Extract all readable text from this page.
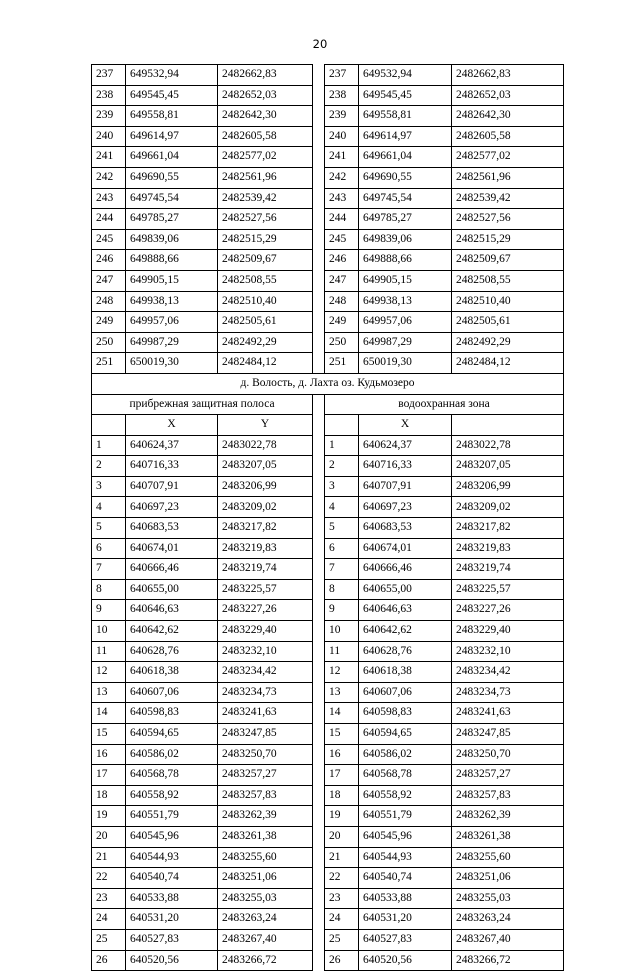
20
237	649532,94	2482662,83		237	649532,94	2482662,83
238	649545,45	2482652,03		238	649545,45	2482652,03
239	649558,81	2482642,30		239	649558,81	2482642,30
240	649614,97	2482605,58		240	649614,97	2482605,58
241	649661,04	2482577,02		241	649661,04	2482577,02
242	649690,55	2482561,96		242	649690,55	2482561,96
243	649745,54	2482539,42		243	649745,54	2482539,42
244	649785,27	2482527,56		244	649785,27	2482527,56
245	649839,06	2482515,29		245	649839,06	2482515,29
246	649888,66	2482509,67		246	649888,66	2482509,67
247	649905,15	2482508,55		247	649905,15	2482508,55
248	649938,13	2482510,40		248	649938,13	2482510,40
249	649957,06	2482505,61		249	649957,06	2482505,61
250	649987,29	2482492,29		250	649987,29	2482492,29
251	650019,30	2482484,12		251	650019,30	2482484,12
д. Волость, д. Лахта оз. Кудьмозеро						
прибрежная защитная полоса				водоохранная зона		
	X	Y			X	
1	640624,37	2483022,78		1	640624,37	2483022,78
2	640716,33	2483207,05		2	640716,33	2483207,05
3	640707,91	2483206,99		3	640707,91	2483206,99
4	640697,23	2483209,02		4	640697,23	2483209,02
5	640683,53	2483217,82		5	640683,53	2483217,82
6	640674,01	2483219,83		6	640674,01	2483219,83
7	640666,46	2483219,74		7	640666,46	2483219,74
8	640655,00	2483225,57		8	640655,00	2483225,57
9	640646,63	2483227,26		9	640646,63	2483227,26
10	640642,62	2483229,40		10	640642,62	2483229,40
11	640628,76	2483232,10		11	640628,76	2483232,10
12	640618,38	2483234,42		12	640618,38	2483234,42
13	640607,06	2483234,73		13	640607,06	2483234,73
14	640598,83	2483241,63		14	640598,83	2483241,63
15	640594,65	2483247,85		15	640594,65	2483247,85
16	640586,02	2483250,70		16	640586,02	2483250,70
17	640568,78	2483257,27		17	640568,78	2483257,27
18	640558,92	2483257,83		18	640558,92	2483257,83
19	640551,79	2483262,39		19	640551,79	2483262,39
20	640545,96	2483261,38		20	640545,96	2483261,38
21	640544,93	2483255,60		21	640544,93	2483255,60
22	640540,74	2483251,06		22	640540,74	2483251,06
23	640533,88	2483255,03		23	640533,88	2483255,03
24	640531,20	2483263,24		24	640531,20	2483263,24
25	640527,83	2483267,40		25	640527,83	2483267,40
26	640520,56	2483266,72		26	640520,56	2483266,72
